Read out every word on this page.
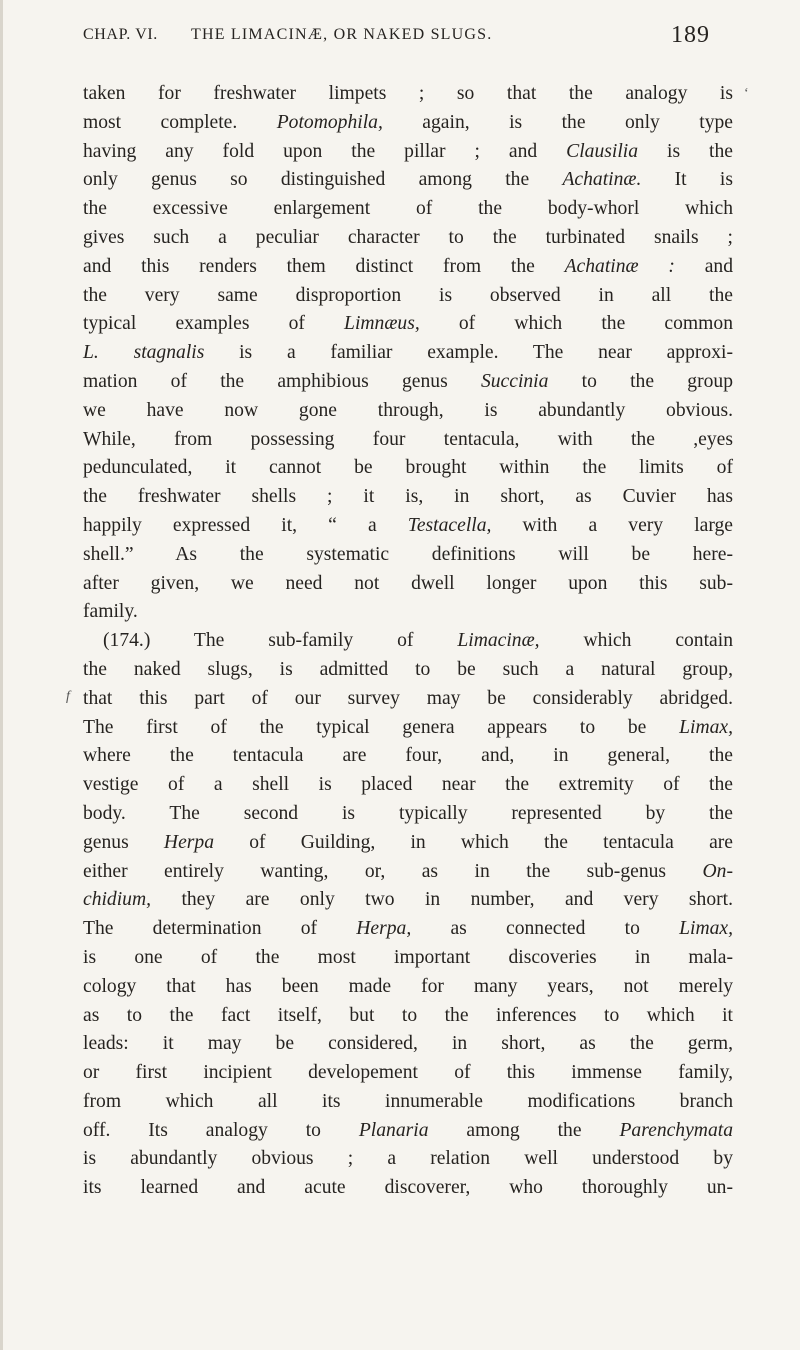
CHAP. VI. THE LIMACINÆ, OR NAKED SLUGS.	189
‘
f
taken for freshwater limpets ; so that the analogy is
most complete. Potomophila, again, is the only type
having any fold upon the pillar ; and Clausilia is the
only genus so distinguished among the Achatinæ. It is
the excessive enlargement of the body-whorl which
gives such a peculiar character to the turbinated snails ;
and this renders them distinct from the Achatinæ : and
the very same disproportion is observed in all the
typical examples of Limnæus, of which the common
L. stagnalis is a familiar example. The near approxi-
mation of the amphibious genus Succinia to the group
we have now gone through, is abundantly obvious.
While, from possessing four tentacula, with the ,eyes
pedunculated, it cannot be brought within the limits of
the freshwater shells ; it is, in short, as Cuvier has
happily expressed it, “ a Testacella, with a very large
shell.” As the systematic definitions will be here-
after given, we need not dwell longer upon this sub-
family.
(174.) The sub-family of Limacinæ, which contain
the naked slugs, is admitted to be such a natural group,
that this part of our survey may be considerably abridged.
The first of the typical genera appears to be Limax,
where the tentacula are four, and, in general, the
vestige of a shell is placed near the extremity of the
body. The second is typically represented by the
genus Herpa of Guilding, in which the tentacula are
either entirely wanting, or, as in the sub-genus On-
chidium, they are only two in number, and very short.
The determination of Herpa, as connected to Limax,
is one of the most important discoveries in mala-
cology that has been made for many years, not merely
as to the fact itself, but to the inferences to which it
leads: it may be considered, in short, as the germ,
or first incipient developement of this immense family,
from which all its innumerable modifications branch
off. Its analogy to Planaria among the Parenchymata
is abundantly obvious ; a relation well understood by
its learned and acute discoverer, who thoroughly un-
